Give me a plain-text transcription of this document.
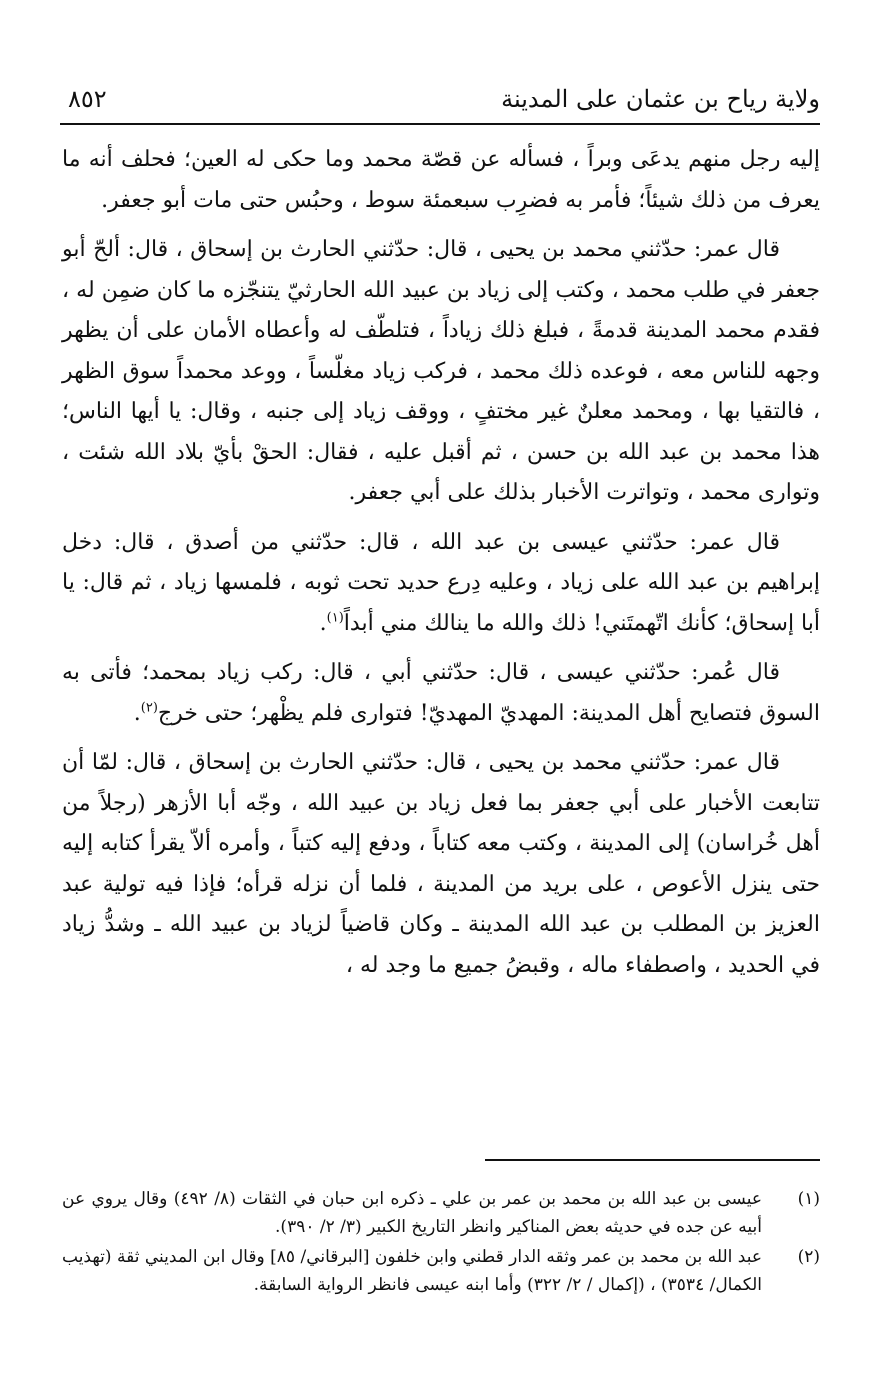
ولاية رياح بن عثمان على المدينة
٨٥٢

إليه رجل منهم يدعَى وبراً ، فسأله عن قصّة محمد وما حكى له العين؛ فحلف أنه ما يعرف من ذلك شيئاً؛ فأمر به فضرِب سبعمئة سوط ، وحبُس حتى مات أبو جعفر.

قال عمر: حدّثني محمد بن يحيى ، قال: حدّثني الحارث بن إسحاق ، قال: ألحّ أبو جعفر في طلب محمد ، وكتب إلى زياد بن عبيد الله الحارثيّ يتنجّزه ما كان ضمِن له ، فقدم محمد المدينة قدمةً ، فبلغ ذلك زياداً ، فتلطّف له وأعطاه الأمان على أن يظهر وجهه للناس معه ، فوعده ذلك محمد ، فركب زياد مغلّساً ، ووعد محمداً سوق الظهر ، فالتقيا بها ، ومحمد معلنٌ غير مختفٍ ، ووقف زياد إلى جنبه ، وقال: يا أيها الناس؛ هذا محمد بن عبد الله بن حسن ، ثم أقبل عليه ، فقال: الحقْ بأيّ بلاد الله شئت ، وتوارى محمد ، وتواترت الأخبار بذلك على أبي جعفر.

قال عمر: حدّثني عيسى بن عبد الله ، قال: حدّثني من أصدق ، قال: دخل إبراهيم بن عبد الله على زياد ، وعليه دِرع حديد تحت ثوبه ، فلمسها زياد ، ثم قال: يا أبا إسحاق؛ كأنك اتّهمتَني! ذلك والله ما ينالك مني أبداً$^{(١)}$.

قال عُمر: حدّثني عيسى ، قال: حدّثني أبي ، قال: ركب زياد بمحمد؛ فأتى به السوق فتصايح أهل المدينة: المهديّ المهديّ! فتوارى فلم يظْهر؛ حتى خرج$^{(٢)}$.

قال عمر: حدّثني محمد بن يحيى ، قال: حدّثني الحارث بن إسحاق ، قال: لمّا أن تتابعت الأخبار على أبي جعفر بما فعل زياد بن عبيد الله ، وجّه أبا الأزهر (رجلاً من أهل خُراسان) إلى المدينة ، وكتب معه كتاباً ، ودفع إليه كتباً ، وأمره ألاّ يقرأ كتابه إليه حتى ينزل الأعوص ، على بريد من المدينة ، فلما أن نزله قرأه؛ فإذا فيه تولية عبد العزيز بن المطلب بن عبد الله المدينة ـ وكان قاضياً لزياد بن عبيد الله ـ وشدُّ زياد في الحديد ، واصطفاء ماله ، وقبضُ جميع ما وجد له ،

(١)
عيسى بن عبد الله بن محمد بن عمر بن علي ـ ذكره ابن حبان في الثقات (٨/ ٤٩٢) وقال يروي عن أبيه عن جده في حديثه بعض المناكير وانظر التاريخ الكبير (٣/ ٢/ ٣٩٠).

(٢)
عبد الله بن محمد بن عمر وثقه الدار قطني وابن خلفون [البرقاني/ ٨٥] وقال ابن المديني ثقة (تهذيب الكمال/ ٣٥٣٤) ، (إكمال / ٢/ ٣٢٢) وأما ابنه عيسى فانظر الرواية السابقة.
